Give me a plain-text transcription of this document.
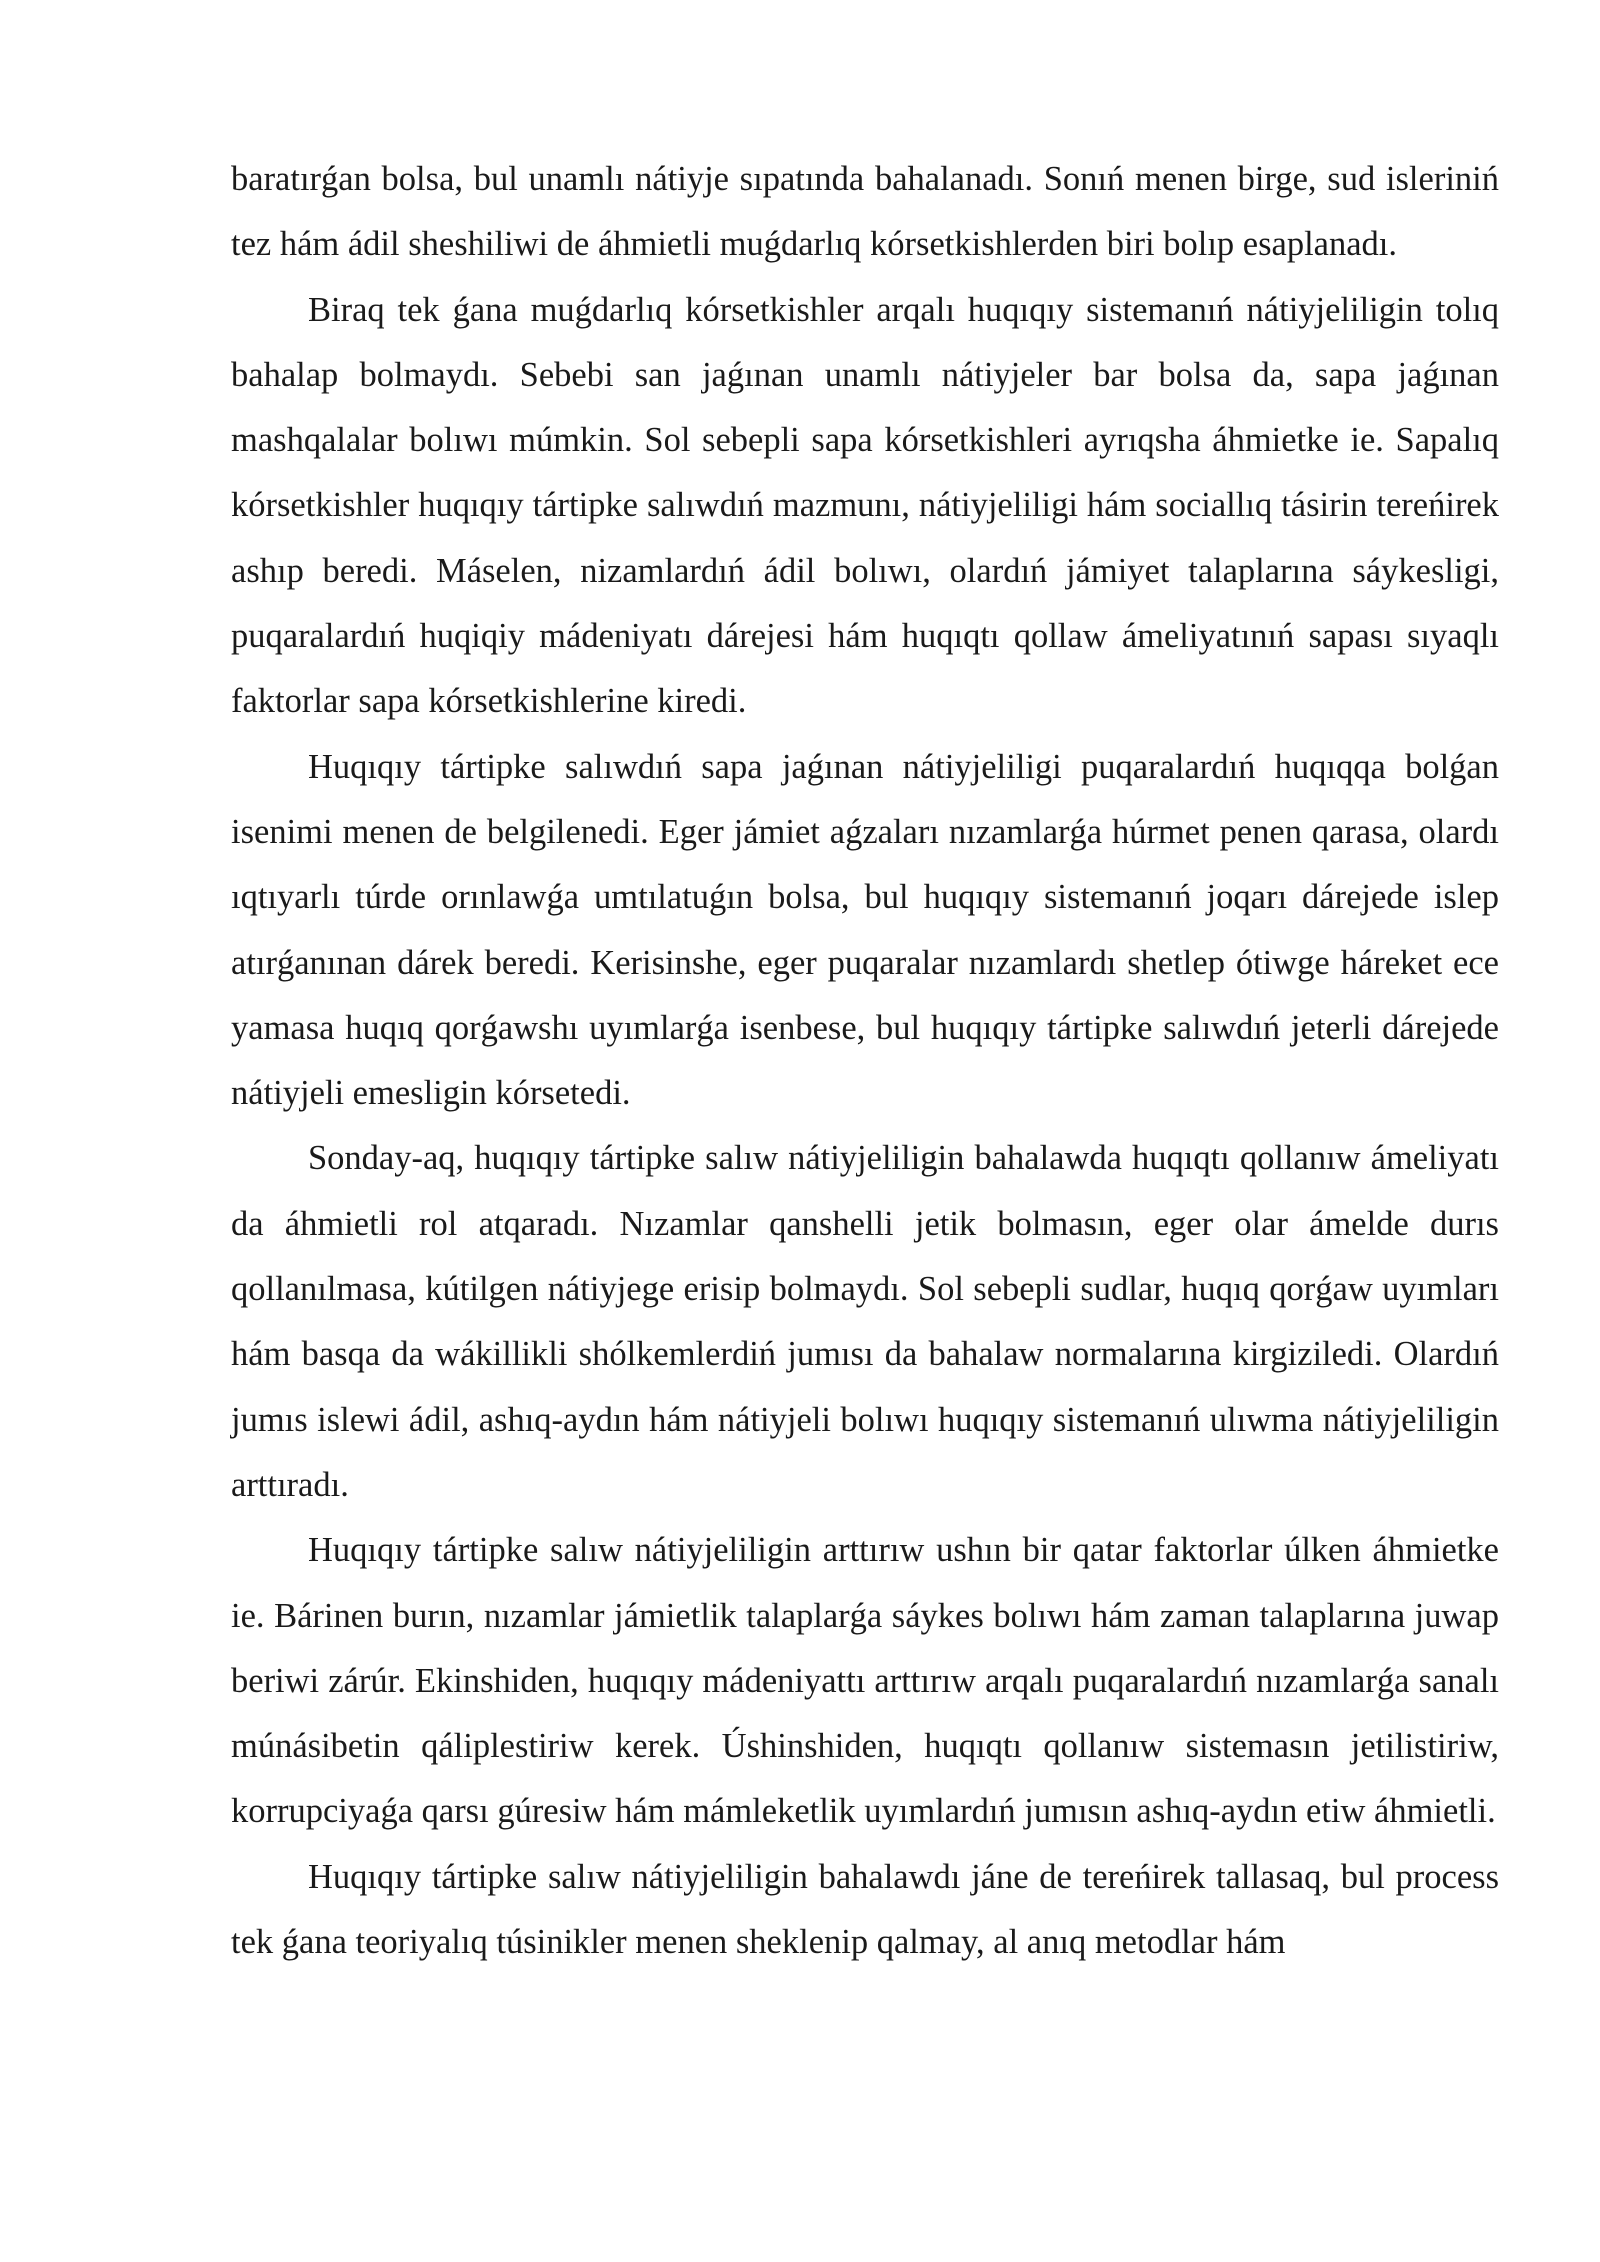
baratırǵan bolsa, bul unamlı nátiyje sıpatında bahalanadı. Sonıń menen birge, sud isleriniń tez hám ádil sheshiliwi de áhmietli muǵdarlıq kórsetkishlerden biri bolıp esaplanadı.

Biraq tek ǵana muǵdarlıq kórsetkishler arqalı huqıqıy sistemanıń nátiyjeliligin tolıq bahalap bolmaydı. Sebebi san jaǵınan unamlı nátiyjeler bar bolsa da, sapa jaǵınan mashqalalar bolıwı múmkin. Sol sebepli sapa kórsetkishleri ayrıqsha áhmietke ie. Sapalıq kórsetkishler huqıqıy tártipke salıwdıń mazmunı, nátiyjeliligi hám sociallıq tásirin tereńirek ashıp beredi. Máselen, nizamlardıń ádil bolıwı, olardıń jámiyet talaplarına sáykesligi, puqaralardıń huqiqiy mádeniyatı dárejesi hám huqıqtı qollaw ámeliyatınıń sapası sıyaqlı faktorlar sapa kórsetkishlerine kiredi.

Huqıqıy tártipke salıwdıń sapa jaǵınan nátiyjeliligi puqaralardıń huqıqqa bolǵan isenimi menen de belgilenedi. Eger jámiet aǵzaları nızamlarǵa húrmet penen qarasa, olardı ıqtıyarlı túrde orınlawǵa umtılatuǵın bolsa, bul huqıqıy sistemanıń joqarı dárejede islep atırǵanınan dárek beredi. Kerisinshe, eger puqaralar nızamlardı shetlep ótiwge háreket ece yamasa huqıq qorǵawshı uyımlarǵa isenbese, bul huqıqıy tártipke salıwdıń jeterli dárejede nátiyjeli emesligin kórsetedi.

Sonday-aq, huqıqıy tártipke salıw nátiyjeliligin bahalawda huqıqtı qollanıw ámeliyatı da áhmietli rol atqaradı. Nızamlar qanshelli jetik bolmasın, eger olar ámelde durıs qollanılmasa, kútilgen nátiyjege erisip bolmaydı. Sol sebepli sudlar, huqıq qorǵaw uyımları hám basqa da wákillikli shólkemlerdiń jumısı da bahalaw normalarına kirgiziledi. Olardıń jumıs islewi ádil, ashıq-aydın hám nátiyjeli bolıwı huqıqıy sistemanıń ulıwma nátiyjeliligin arttıradı.

Huqıqıy tártipke salıw nátiyjeliligin arttırıw ushın bir qatar faktorlar úlken áhmietke ie. Bárinen burın, nızamlar jámietlik talaplarǵa sáykes bolıwı hám zaman talaplarına juwap beriwi zárúr. Ekinshiden, huqıqıy mádeniyattı arttırıw arqalı puqaralardıń nızamlarǵa sanalı múnásibetin qáliplestiriw kerek. Úshinshiden, huqıqtı qollanıw sistemasın jetilistiriw, korrupciyaǵa qarsı gúresiw hám mámleketlik uyımlardıń jumısın ashıq-aydın etiw áhmietli.

Huqıqıy tártipke salıw nátiyjeliligin bahalawdı jáne de tereńirek tallasaq, bul process tek ǵana teoriyalıq túsinikler menen sheklenip qalmay, al anıq metodlar hám
